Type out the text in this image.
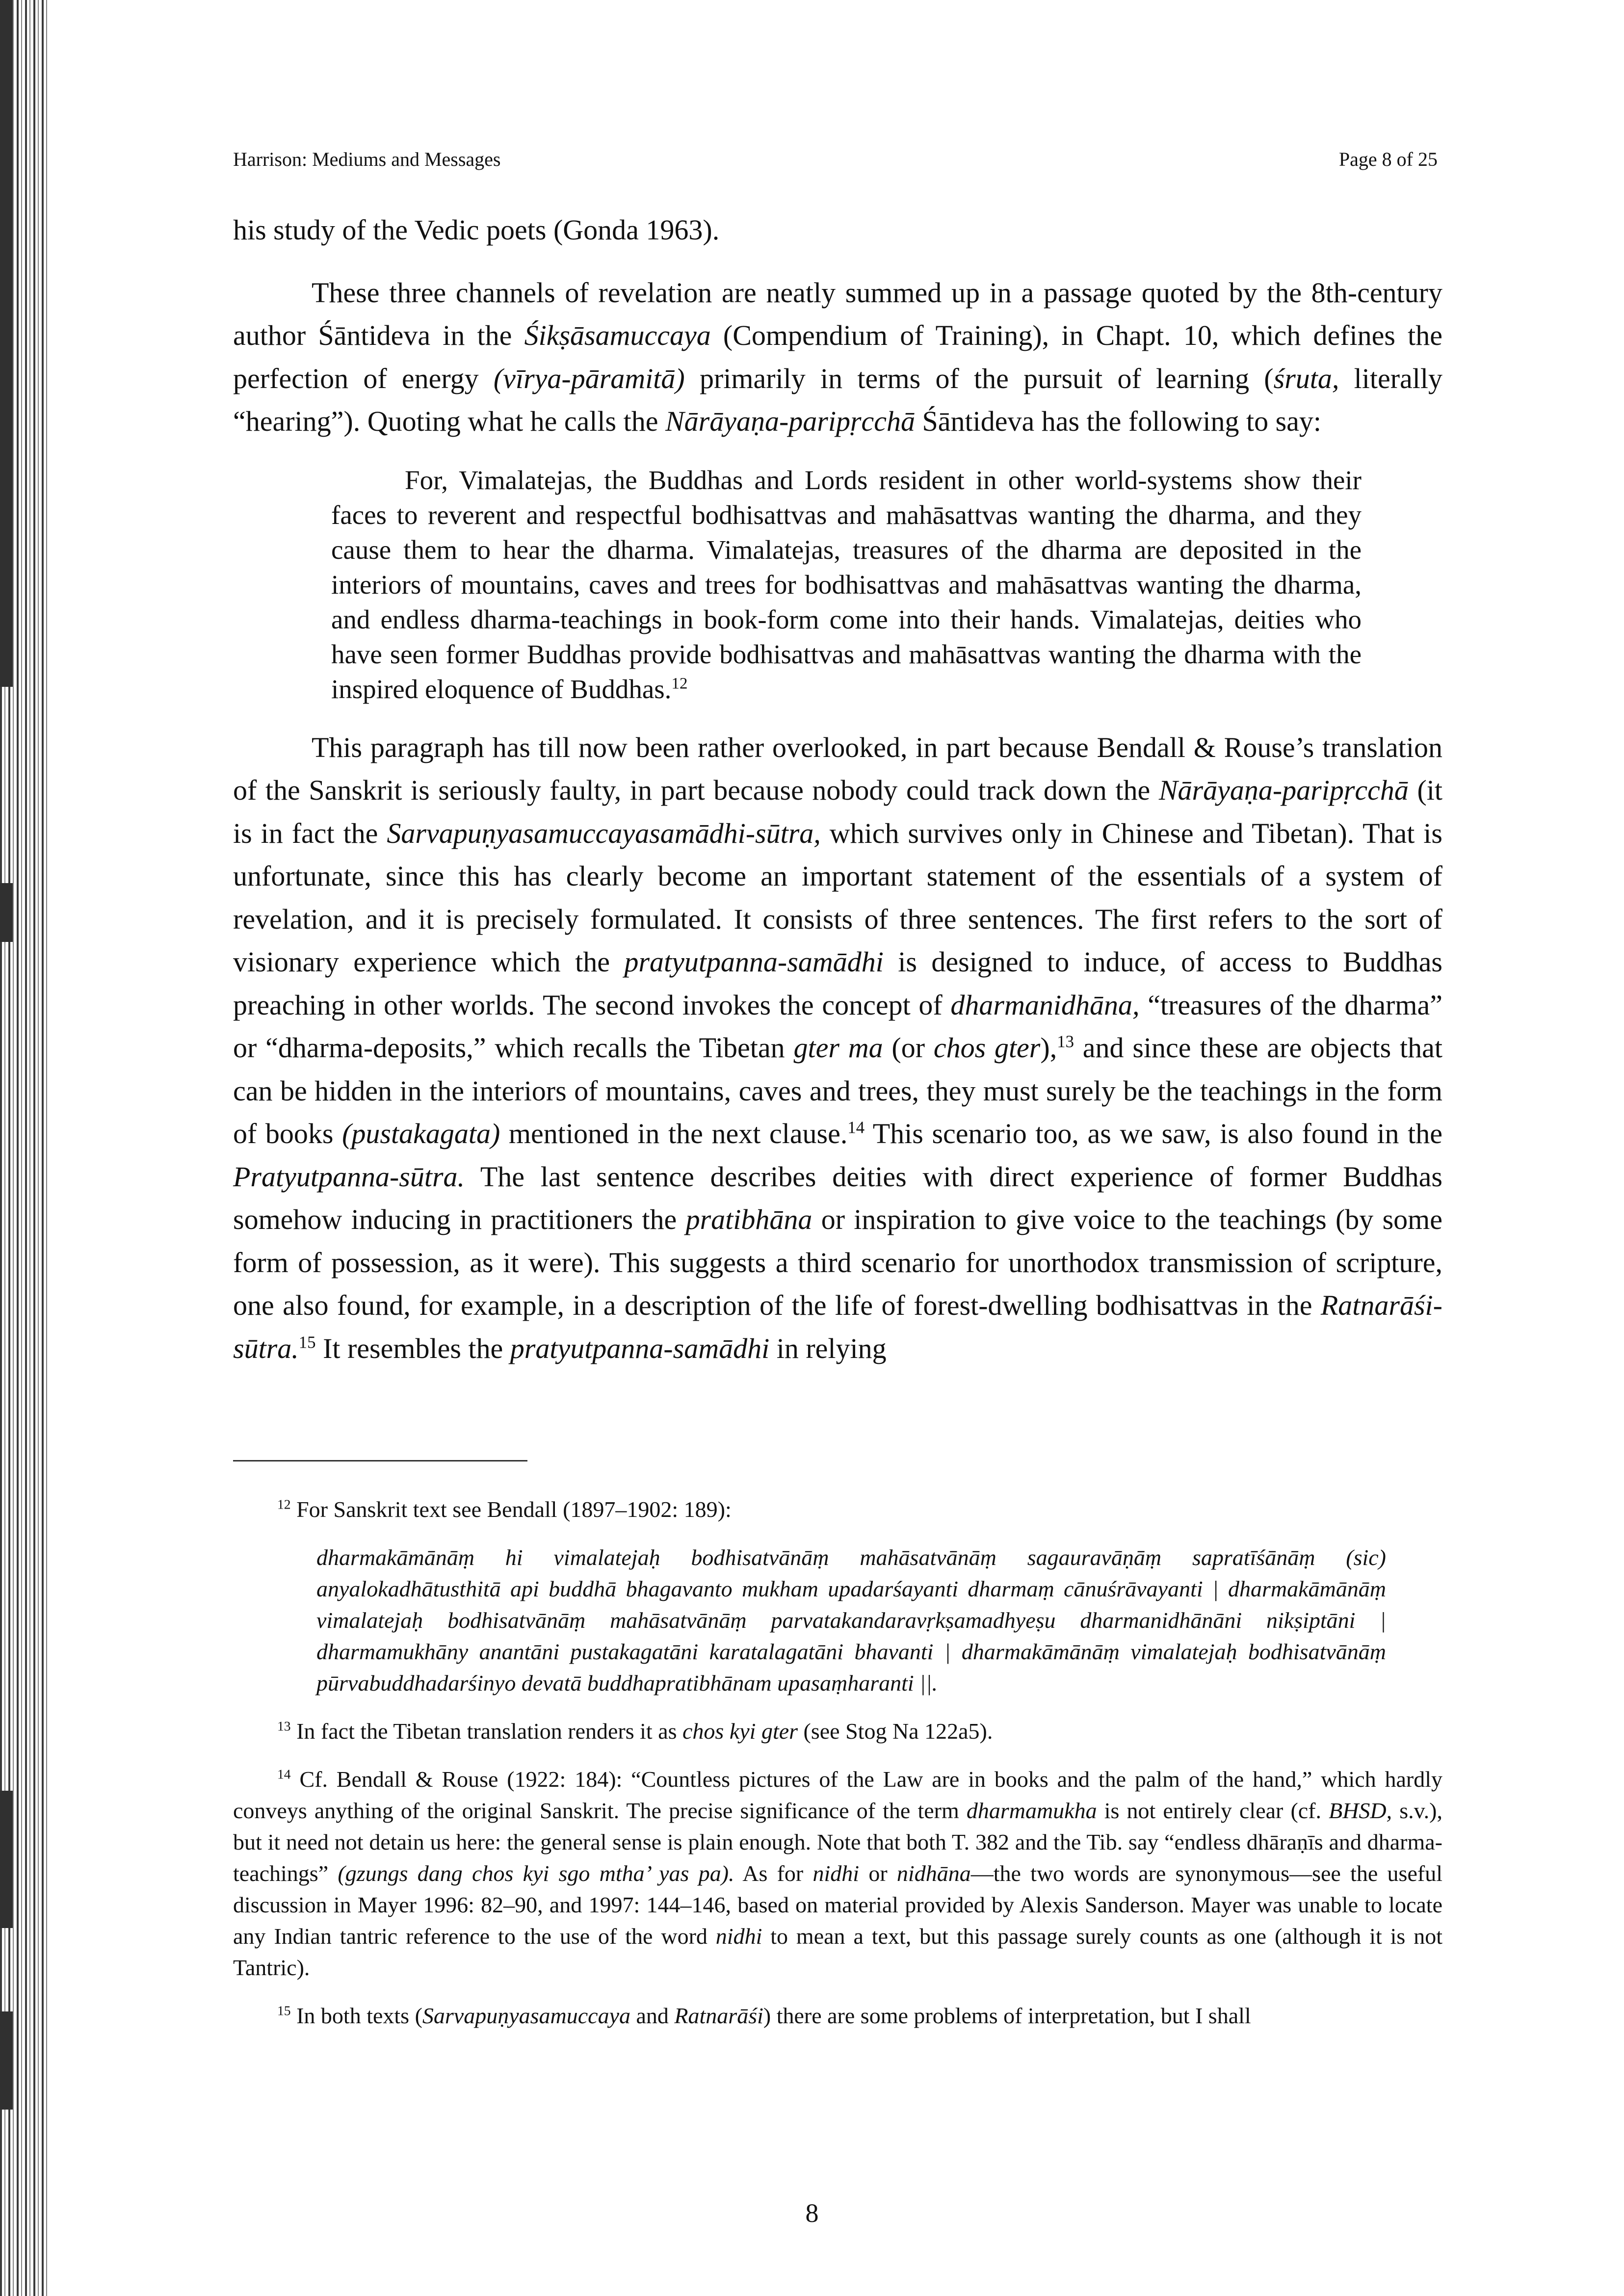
Harrison: Mediums and Messages	Page 8 of 25

his study of the Vedic poets (Gonda 1963).

These three channels of revelation are neatly summed up in a passage quoted by the 8th-century author Śāntideva in the Śikṣāsamuccaya (Compendium of Training), in Chapt. 10, which defines the perfection of energy (vīrya-pāramitā) primarily in terms of the pursuit of learning (śruta, literally “hearing”). Quoting what he calls the Nārāyaṇa-paripṛcchā Śāntideva has the following to say:

For, Vimalatejas, the Buddhas and Lords resident in other world-systems show their faces to reverent and respectful bodhisattvas and mahāsattvas wanting the dharma, and they cause them to hear the dharma. Vimalatejas, treasures of the dharma are deposited in the interiors of mountains, caves and trees for bodhisattvas and mahāsattvas wanting the dharma, and endless dharma-teachings in book-form come into their hands. Vimalatejas, deities who have seen former Buddhas provide bodhisattvas and mahāsattvas wanting the dharma with the inspired eloquence of Buddhas.$^{12}$

This paragraph has till now been rather overlooked, in part because Bendall & Rouse’s translation of the Sanskrit is seriously faulty, in part because nobody could track down the Nārāyaṇa-paripṛcchā (it is in fact the Sarvapuṇyasamuccayasamādhi-sūtra, which survives only in Chinese and Tibetan). That is unfortunate, since this has clearly become an important statement of the essentials of a system of revelation, and it is precisely formulated. It consists of three sentences. The first refers to the sort of visionary experience which the pratyutpanna-samādhi is designed to induce, of access to Buddhas preaching in other worlds. The second invokes the concept of dharmanidhāna, “treasures of the dharma” or “dharma-deposits,” which recalls the Tibetan gter ma (or chos gter),$^{13}$ and since these are objects that can be hidden in the interiors of mountains, caves and trees, they must surely be the teachings in the form of books (pustakagata) mentioned in the next clause.$^{14}$ This scenario too, as we saw, is also found in the Pratyutpanna-sūtra. The last sentence describes deities with direct experience of former Buddhas somehow inducing in practitioners the pratibhāna or inspiration to give voice to the teachings (by some form of possession, as it were). This suggests a third scenario for unorthodox transmission of scripture, one also found, for example, in a description of the life of forest-dwelling bodhisattvas in the Ratnarāśi-sūtra.$^{15}$ It resembles the pratyutpanna-samādhi in relying

$^{12}$ For Sanskrit text see Bendall (1897–1902: 189):

dharmakāmānāṃ hi vimalatejaḥ bodhisatvānāṃ mahāsatvānāṃ sagauravāṇāṃ sapratīśānāṃ (sic) anyalokadhātusthitā api buddhā bhagavanto mukham upadarśayanti dharmaṃ cānuśrāvayanti | dharmakāmānāṃ vimalatejaḥ bodhisatvānāṃ mahāsatvānāṃ parvatakandaravṛkṣamadhyeṣu dharmanidhānāni nikṣiptāni | dharmamukhāny anantāni pustakagatāni karatalagatāni bhavanti | dharmakāmānāṃ vimalatejaḥ bodhisatvānāṃ pūrvabuddhadarśinyo devatā buddhapratibhānam upasaṃharanti ||.

$^{13}$ In fact the Tibetan translation renders it as chos kyi gter (see Stog Na 122a5).

$^{14}$ Cf. Bendall & Rouse (1922: 184): “Countless pictures of the Law are in books and the palm of the hand,” which hardly conveys anything of the original Sanskrit. The precise significance of the term dharmamukha is not entirely clear (cf. BHSD, s.v.), but it need not detain us here: the general sense is plain enough. Note that both T. 382 and the Tib. say “endless dhāraṇīs and dharma-teachings” (gzungs dang chos kyi sgo mtha’ yas pa). As for nidhi or nidhāna—the two words are synonymous—see the useful discussion in Mayer 1996: 82–90, and 1997: 144–146, based on material provided by Alexis Sanderson. Mayer was unable to locate any Indian tantric reference to the use of the word nidhi to mean a text, but this passage surely counts as one (although it is not Tantric).

$^{15}$ In both texts (Sarvapuṇyasamuccaya and Ratnarāśi) there are some problems of interpretation, but I shall

8
